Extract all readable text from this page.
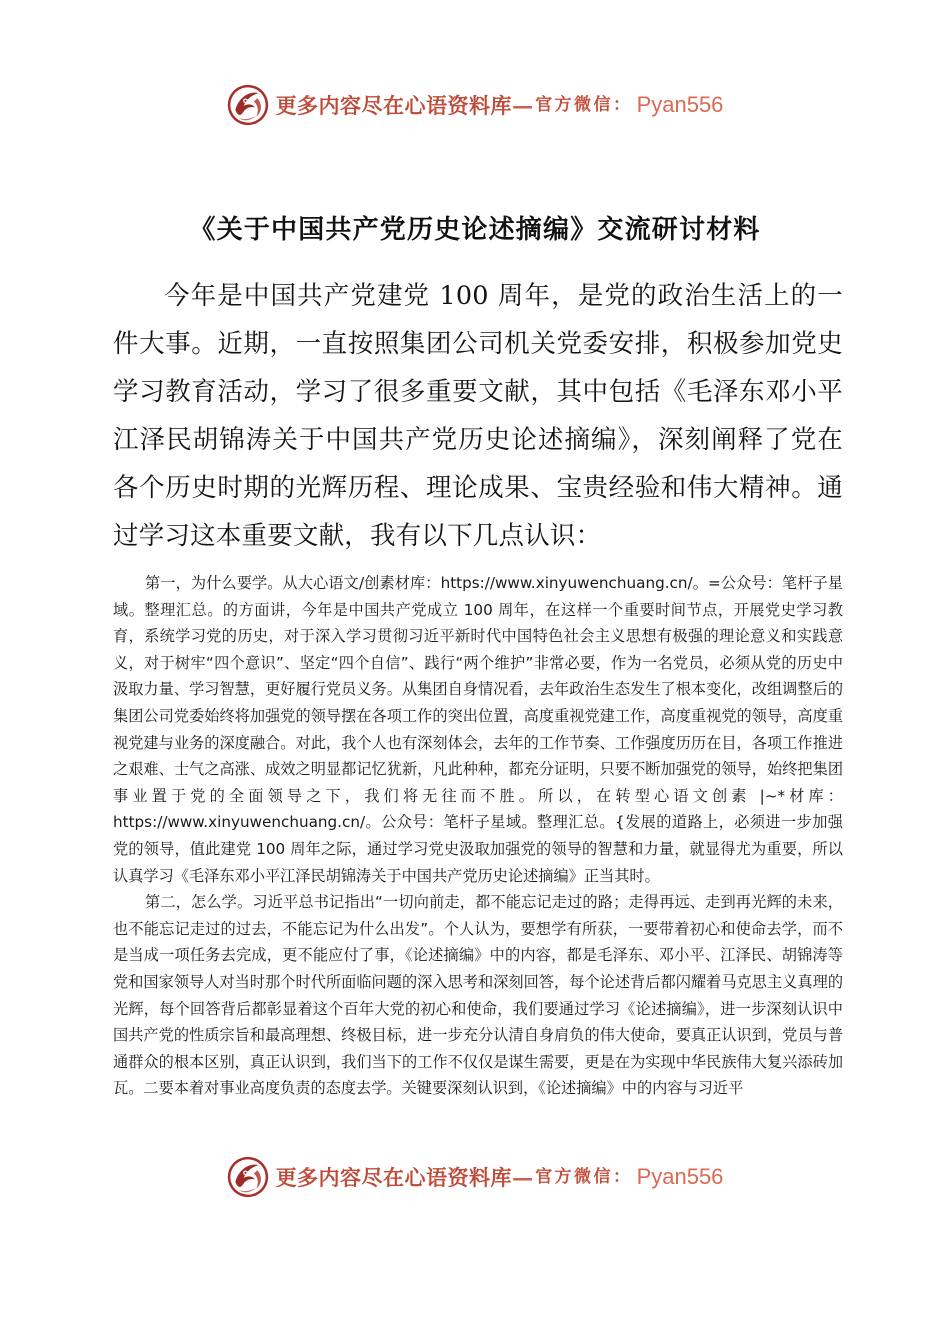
更多内容尽在心语资料库 — 官方微信： Pyan556
《关于中国共产党历史论述摘编》交流研讨材料

今年是中国共产党建党 100 周年，是党的政治生活上的一件大事。近期，一直按照集团公司机关党委安排，积极参加党史学习教育活动，学习了很多重要文献，其中包括《毛泽东邓小平江泽民胡锦涛关于中国共产党历史论述摘编》，深刻阐释了党在各个历史时期的光辉历程、理论成果、宝贵经验和伟大精神。通过学习这本重要文献，我有以下几点认识：

第一，为什么要学。从大心语文/创素材库：https://www.xinyuwenchuang.cn/。=公众号：笔杆子星域。整理汇总。的方面讲，今年是中国共产党成立 100 周年，在这样一个重要时间节点，开展党史学习教育，系统学习党的历史，对于深入学习贯彻习近平新时代中国特色社会主义思想有极强的理论意义和实践意义，对于树牢“四个意识”、坚定“四个自信”、践行“两个维护”非常必要，作为一名党员，必须从党的历史中汲取力量、学习智慧，更好履行党员义务。从集团自身情况看，去年政治生态发生了根本变化，改组调整后的集团公司党委始终将加强党的领导摆在各项工作的突出位置，高度重视党建工作，高度重视党的领导，高度重视党建与业务的深度融合。对此，我个人也有深刻体会，去年的工作节奏、工作强度历历在目，各项工作推进之艰难、士气之高涨、成效之明显都记忆犹新，凡此种种，都充分证明，只要不断加强党的领导，始终把集团事业置于党的全面领导之下，我们将无往而不胜。所以，在转型心语文创素 |~*材库：https://www.xinyuwenchuang.cn/。公众号：笔杆子星域。整理汇总。{发展的道路上，必须进一步加强党的领导，值此建党 100 周年之际，通过学习党史汲取加强党的领导的智慧和力量，就显得尤为重要，所以认真学习《毛泽东邓小平江泽民胡锦涛关于中国共产党历史论述摘编》正当其时。

第二，怎么学。习近平总书记指出“一切向前走，都不能忘记走过的路；走得再远、走到再光辉的未来，也不能忘记走过的过去，不能忘记为什么出发”。个人认为，要想学有所获，一要带着初心和使命去学，而不是当成一项任务去完成，更不能应付了事，《论述摘编》中的内容，都是毛泽东、邓小平、江泽民、胡锦涛等党和国家领导人对当时那个时代所面临问题的深入思考和深刻回答，每个论述背后都闪耀着马克思主义真理的光辉，每个回答背后都彰显着这个百年大党的初心和使命，我们要通过学习《论述摘编》，进一步深刻认识中国共产党的性质宗旨和最高理想、终极目标，进一步充分认清自身肩负的伟大使命，要真正认识到，党员与普通群众的根本区别，真正认识到，我们当下的工作不仅仅是谋生需要，更是在为实现中华民族伟大复兴添砖加瓦。二要本着对事业高度负责的态度去学。关键要深刻认识到，《论述摘编》中的内容与习近平

更多内容尽在心语资料库 — 官方微信： Pyan556
